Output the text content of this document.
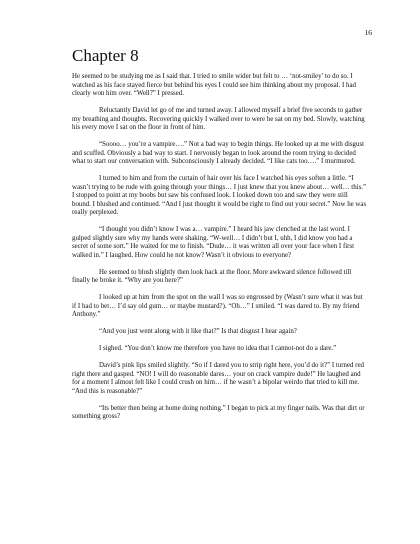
16
Chapter 8

He seemed to be studying me as I said that. I tried to smile wider but felt to … ‘not-smiley’ to do so. I watched as his face stayed fierce but behind his eyes I could see him thinking about my proposal. I had clearly won him over. “Well?” I pressed.

Reluctantly David let go of me and turned away. I allowed myself a brief five seconds to gather my breathing and thoughts. Recovering quickly I walked over to were he sat on my bed. Slowly, watching his every move I sat on the floor in front of him.

“Soooo… you’re a vampire….” Not a bad way to begin things. He looked up at me with disgust and scuffed. Obviously a bad way to start. I nervously began to look around the room trying to decided what to start our conversation with. Subconsciously I already decided. “I like cats too….” I murmured.

I turned to him and from the curtain of hair over his face I watched his eyes soften a little. “I wasn’t trying to be rude with going through your things… I just knew that you knew about… well… this.” I stopped to point at my boobs but saw his confused look. I looked down too and saw they were still bound. I blushed and continued. “And I just thought it would be right to find out your secret.” Now he was really perplexed.

“I thought you didn’t know I was a… vampire.” I heard his jaw clenched at the last word. I gulped slightly sure why my hands were shaking. “W-well… I didn’t but I, uhh, I did know you had a secret of some sort.” He waited for me to finish. “Dude… it was written all over your face when I first walked in.” I laughed. How could he not know? Wasn’t it obvious to everyone?

He seemed to blush slightly then look back at the floor. More awkward silence followed till finally he broke it. “Why are you here?”

I looked up at him from the spot on the wall I was so engrossed by (Wasn’t sure what it was but if I had to bet… I’d say old gum… or maybe mustard?). “Oh…” I smiled. “I was dared to. By my friend Anthony.”

“And you just went along with it like that?” Is that disgust I hear again?

I sighed. “You don’t know me therefore you have no idea that I cannot-not do a dare.”

David’s pink lips smiled slightly. “So if I dared you to strip right here, you’d do it?” I turned red right there and gasped. “NO! I will do reasonable dares… your on crack vampire dude!” He laughed and for a moment I almost felt like I could crush on him… if he wasn’t a bipolar weirdo that tried to kill me. “And this is reasonable?”

“Its better then being at home doing nothing.” I began to pick at my finger nails. Was that dirt or something gross?
